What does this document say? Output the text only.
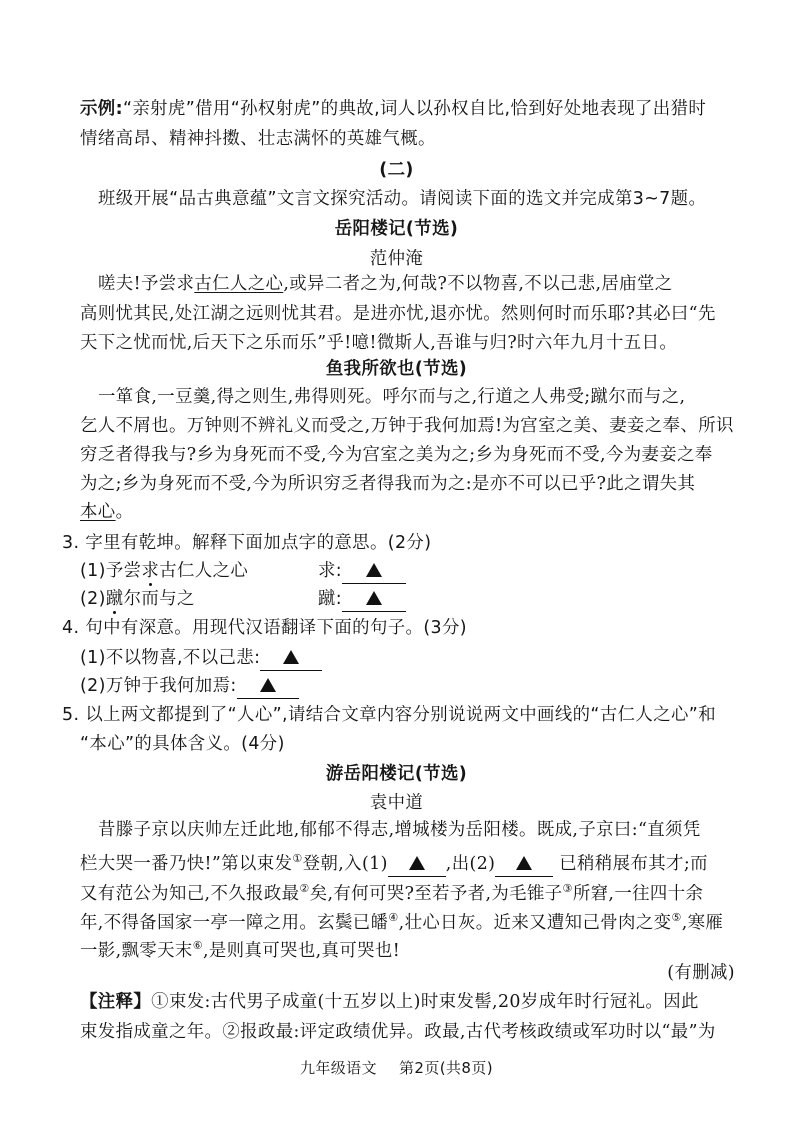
示例:“亲射虎”借用“孙权射虎”的典故,词人以孙权自比,恰到好处地表现了出猎时
情绪高昂、精神抖擞、壮志满怀的英雄气概。
(二)
班级开展“品古典意蕴”文言文探究活动。请阅读下面的选文并完成第3~7题。
岳阳楼记(节选)
范仲淹
嗟夫!予尝求古仁人之心,或异二者之为,何哉?不以物喜,不以己悲,居庙堂之
高则忧其民,处江湖之远则忧其君。是进亦忧,退亦忧。然则何时而乐耶?其必曰“先
天下之忧而忧,后天下之乐而乐”乎!噫!微斯人,吾谁与归?时六年九月十五日。
鱼我所欲也(节选)
一箪食,一豆羹,得之则生,弗得则死。呼尔而与之,行道之人弗受;蹴尔而与之,
乞人不屑也。万钟则不辨礼义而受之,万钟于我何加焉!为宫室之美、妻妾之奉、所识
穷乏者得我与?乡为身死而不受,今为宫室之美为之;乡为身死而不受,今为妻妾之奉
为之;乡为身死而不受,今为所识穷乏者得我而为之:是亦不可以已乎?此之谓失其
本心。
3. 字里有乾坤。解释下面加点字的意思。(2分)
(1)予尝求古仁人之心	求:
(2)蹴尔而与之	蹴:
4. 句中有深意。用现代汉语翻译下面的句子。(3分)
(1)不以物喜,不以己悲:
(2)万钟于我何加焉:
5. 以上两文都提到了“人心”,请结合文章内容分别说说两文中画线的“古仁人之心”和
“本心”的具体含义。(4分)
游岳阳楼记(节选)
袁中道
昔滕子京以庆帅左迁此地,郁郁不得志,增城楼为岳阳楼。既成,子京曰:“直须凭
栏大哭一番乃快!”第以束发①登朝,入(1)	,出(2)	已稍稍展布其才;而
又有范公为知己,不久报政最②矣,有何可哭?至若予者,为毛锥子③所窘,一往四十余
年,不得备国家一亭一障之用。玄鬓已皤④,壮心日灰。近来又遭知己骨肉之变⑤,寒雁
一影,飘零天末⑥,是则真可哭也,真可哭也!
(有删减)
【注释】①束发:古代男子成童(十五岁以上)时束发髻,20岁成年时行冠礼。因此
束发指成童之年。②报政最:评定政绩优异。政最,古代考核政绩或军功时以“最”为
九年级语文 第2页(共8页)
